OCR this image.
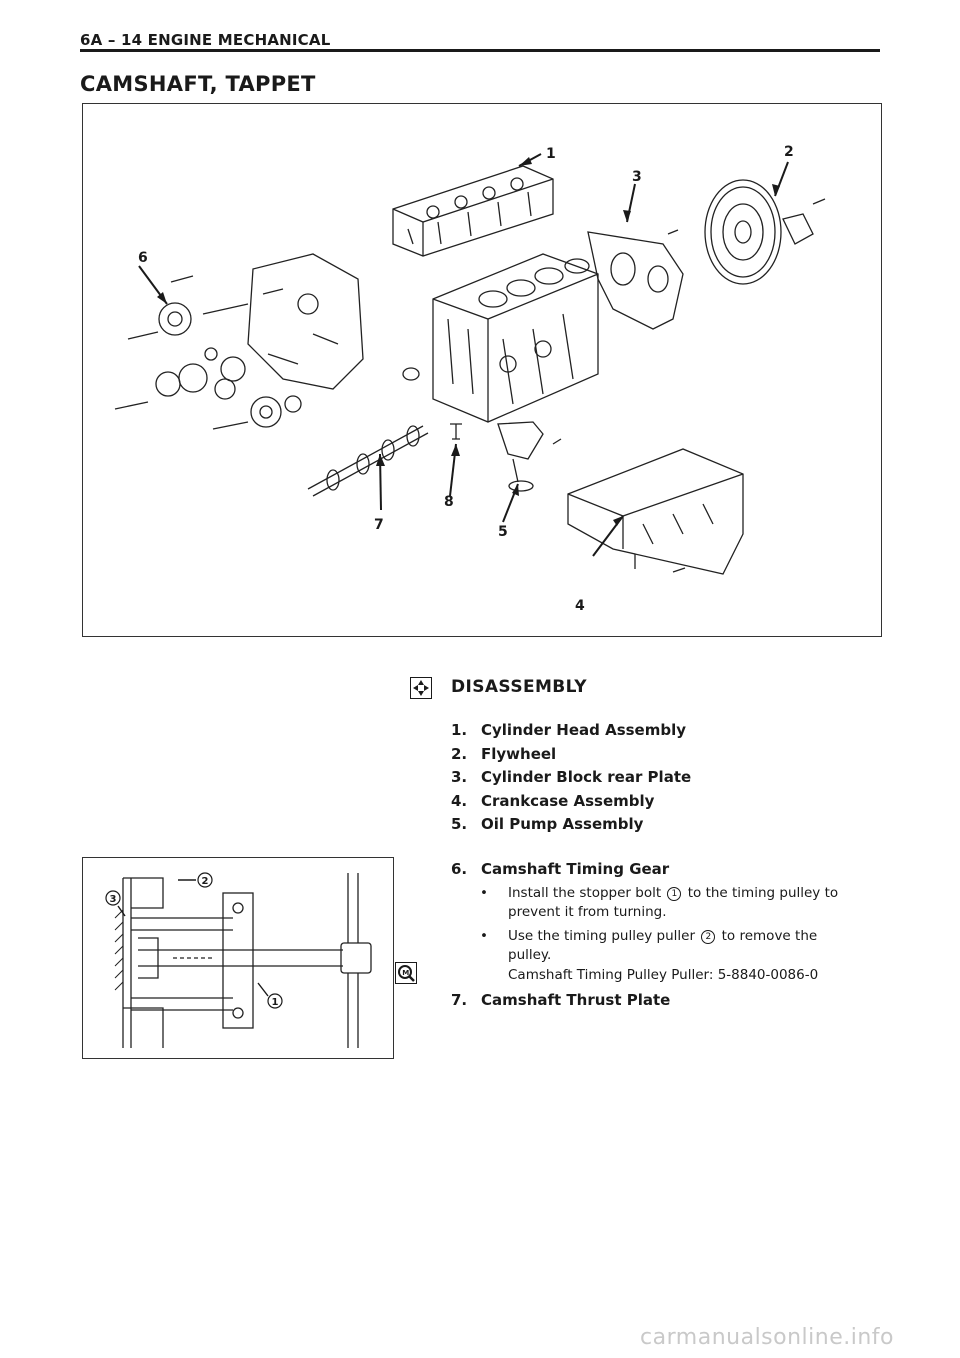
6A – 14 ENGINE MECHANICAL
CAMSHAFT, TAPPET
1	2
3
4
5
6
7
8
DISASSEMBLY
1. Cylinder Head Assembly
2. Flywheel
3. Cylinder Block rear Plate
4. Crankcase Assembly
5. Oil Pump Assembly
6. Camshaft Timing Gear
• Install the stopper bolt 1 to the timing pulley to
prevent it from turning.
• Use the timing pulley puller 2 to remove the
pulley.
M	Camshaft Timing Pulley Puller: 5-8840-0086-0
7. Camshaft Thrust Plate
2
3
1
carmanualsonline.info
